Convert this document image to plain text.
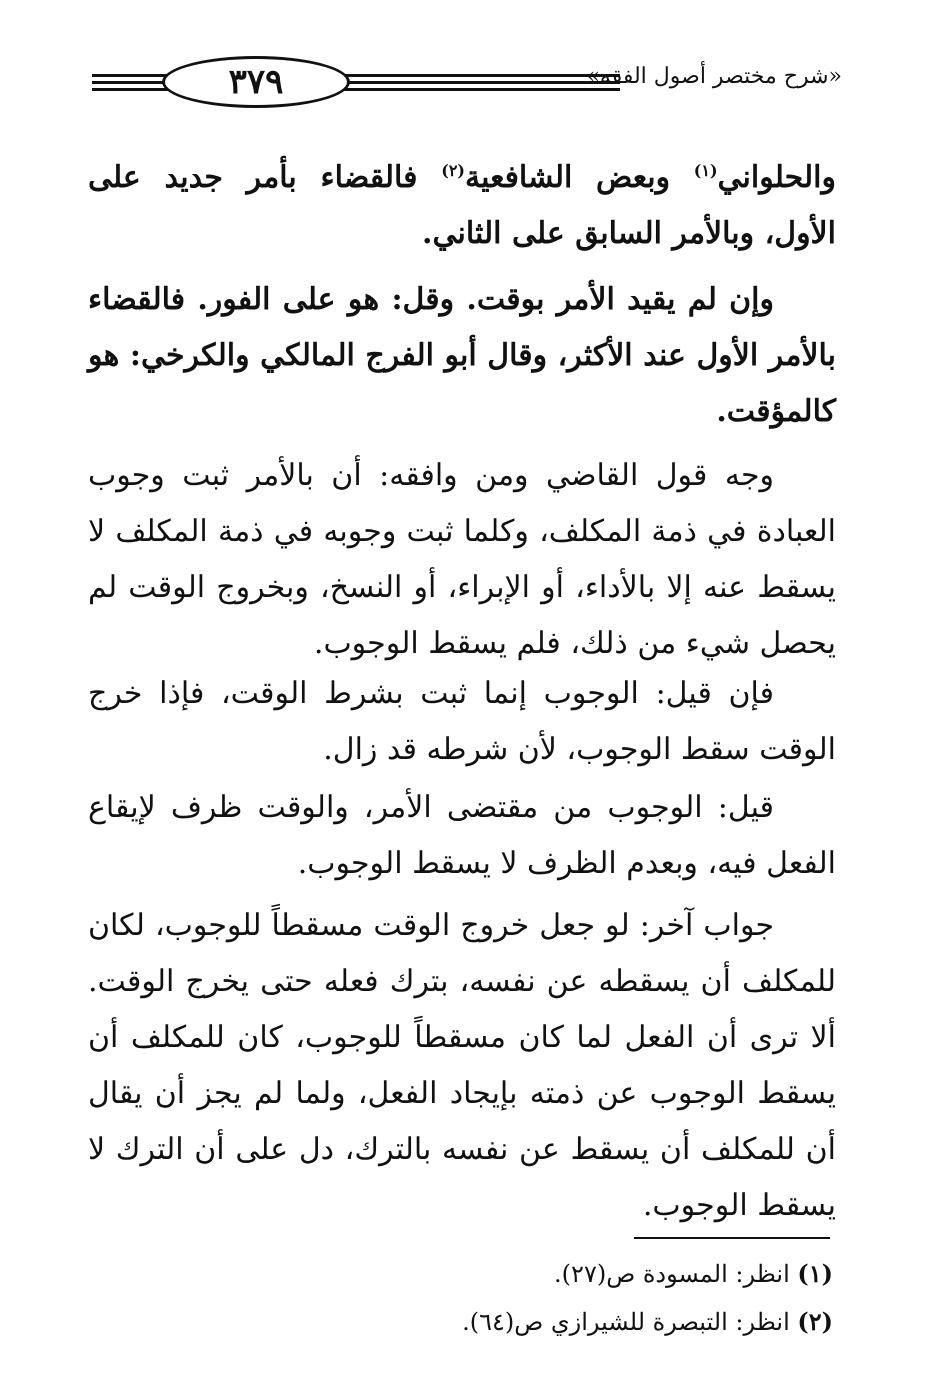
٣٧٩	«شرح مختصر أصول الفقه»

والحلواني$^{(١)}$ وبعض الشافعية$^{(٢)}$ فالقضاء بأمر جديد على الأول، وبالأمر السابق على الثاني.

وإن لم يقيد الأمر بوقت. وقل: هو على الفور. فالقضاء بالأمر الأول عند الأكثر، وقال أبو الفرج المالكي والكرخي: هو كالمؤقت.

وجه قول القاضي ومن وافقه: أن بالأمر ثبت وجوب العبادة في ذمة المكلف، وكلما ثبت وجوبه في ذمة المكلف لا يسقط عنه إلا بالأداء، أو الإبراء، أو النسخ، وبخروج الوقت لم يحصل شيء من ذلك، فلم يسقط الوجوب.

فإن قيل: الوجوب إنما ثبت بشرط الوقت، فإذا خرج الوقت سقط الوجوب، لأن شرطه قد زال.

قيل: الوجوب من مقتضى الأمر، والوقت ظرف لإيقاع الفعل فيه، وبعدم الظرف لا يسقط الوجوب.

جواب آخر: لو جعل خروج الوقت مسقطاً للوجوب، لكان للمكلف أن يسقطه عن نفسه، بترك فعله حتى يخرج الوقت. ألا ترى أن الفعل لما كان مسقطاً للوجوب، كان للمكلف أن يسقط الوجوب عن ذمته بإيجاد الفعل، ولما لم يجز أن يقال أن للمكلف أن يسقط عن نفسه بالترك، دل على أن الترك لا يسقط الوجوب.

(١) انظر: المسودة ص(٢٧).

(٢) انظر: التبصرة للشيرازي ص(٦٤).
